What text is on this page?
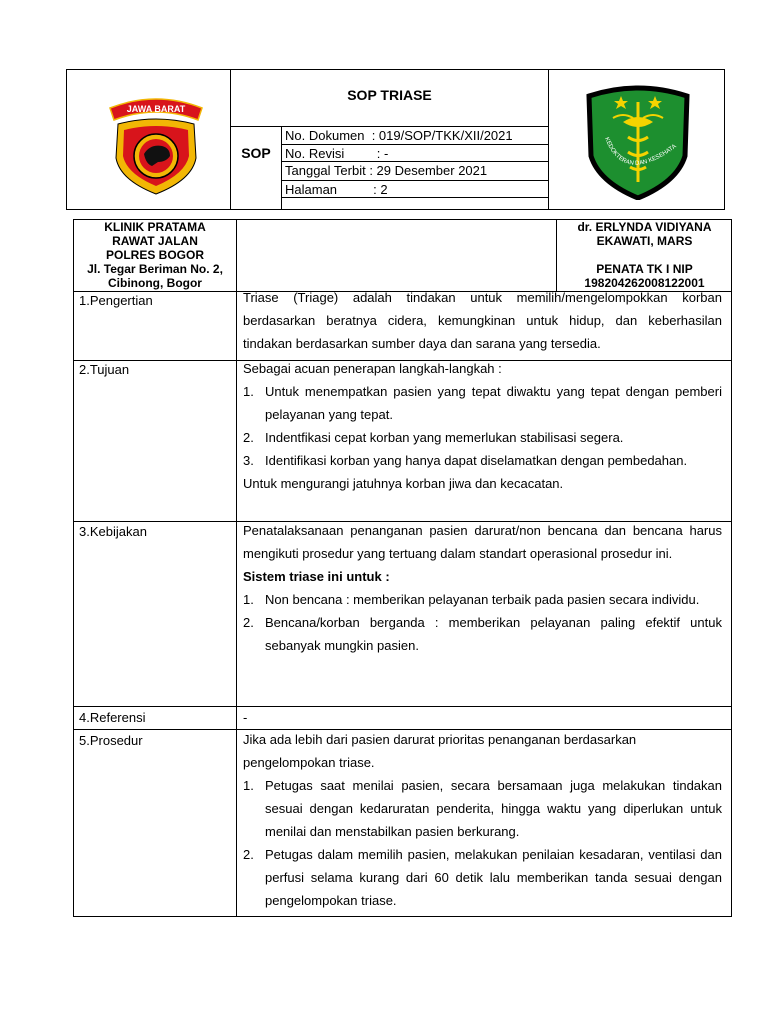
JAWA BARAT
SOP TRIASE
SOP
No. Dokumen  : 019/SOP/TKK/XII/2021
No. Revisi         : -
Tanggal Terbit : 29 Desember 2021
Halaman          : 2
KEDOKTERAN DAN KESEHATA
KLINIK PRATAMA
RAWAT JALAN
POLRES BOGOR
Jl. Tegar Beriman No. 2,
Cibinong, Bogor
dr. ERLYNDA VIDIYANA
EKAWATI, MARS
PENATA TK I NIP
198204262008122001
1.Pengertian	Triase (Triage) adalah tindakan untuk memilih/mengelompokkan korban berdasarkan beratnya cidera, kemungkinan untuk hidup, dan keberhasilan tindakan berdasarkan sumber daya dan sarana yang tersedia.

2.Tujuan	Sebagai acuan penerapan langkah-langkah :

1. Untuk menempatkan pasien yang tepat diwaktu yang tepat dengan pemberi pelayanan yang tepat.

2. Indentfikasi cepat korban yang memerlukan stabilisasi segera.

3. Identifikasi korban yang hanya dapat diselamatkan dengan pembedahan.

Untuk mengurangi jatuhnya korban jiwa dan kecacatan.

3.Kebijakan	Penatalaksanaan penanganan pasien darurat/non bencana dan bencana harus mengikuti prosedur yang tertuang dalam standart operasional prosedur ini.

Sistem triase ini untuk :

1. Non bencana : memberikan pelayanan terbaik pada pasien secara individu.

2. Bencana/korban berganda : memberikan pelayanan paling efektif untuk sebanyak mungkin pasien.

4.Referensi	-
5.Prosedur	Jika ada lebih dari pasien darurat prioritas penanganan berdasarkan pengelompokan triase.

1. Petugas saat menilai pasien, secara bersamaan juga melakukan tindakan sesuai dengan kedaruratan penderita, hingga waktu yang diperlukan untuk menilai dan menstabilkan pasien berkurang.

2. Petugas dalam memilih pasien, melakukan penilaian kesadaran, ventilasi dan perfusi selama kurang dari 60 detik lalu memberikan tanda sesuai dengan pengelompokan triase.
